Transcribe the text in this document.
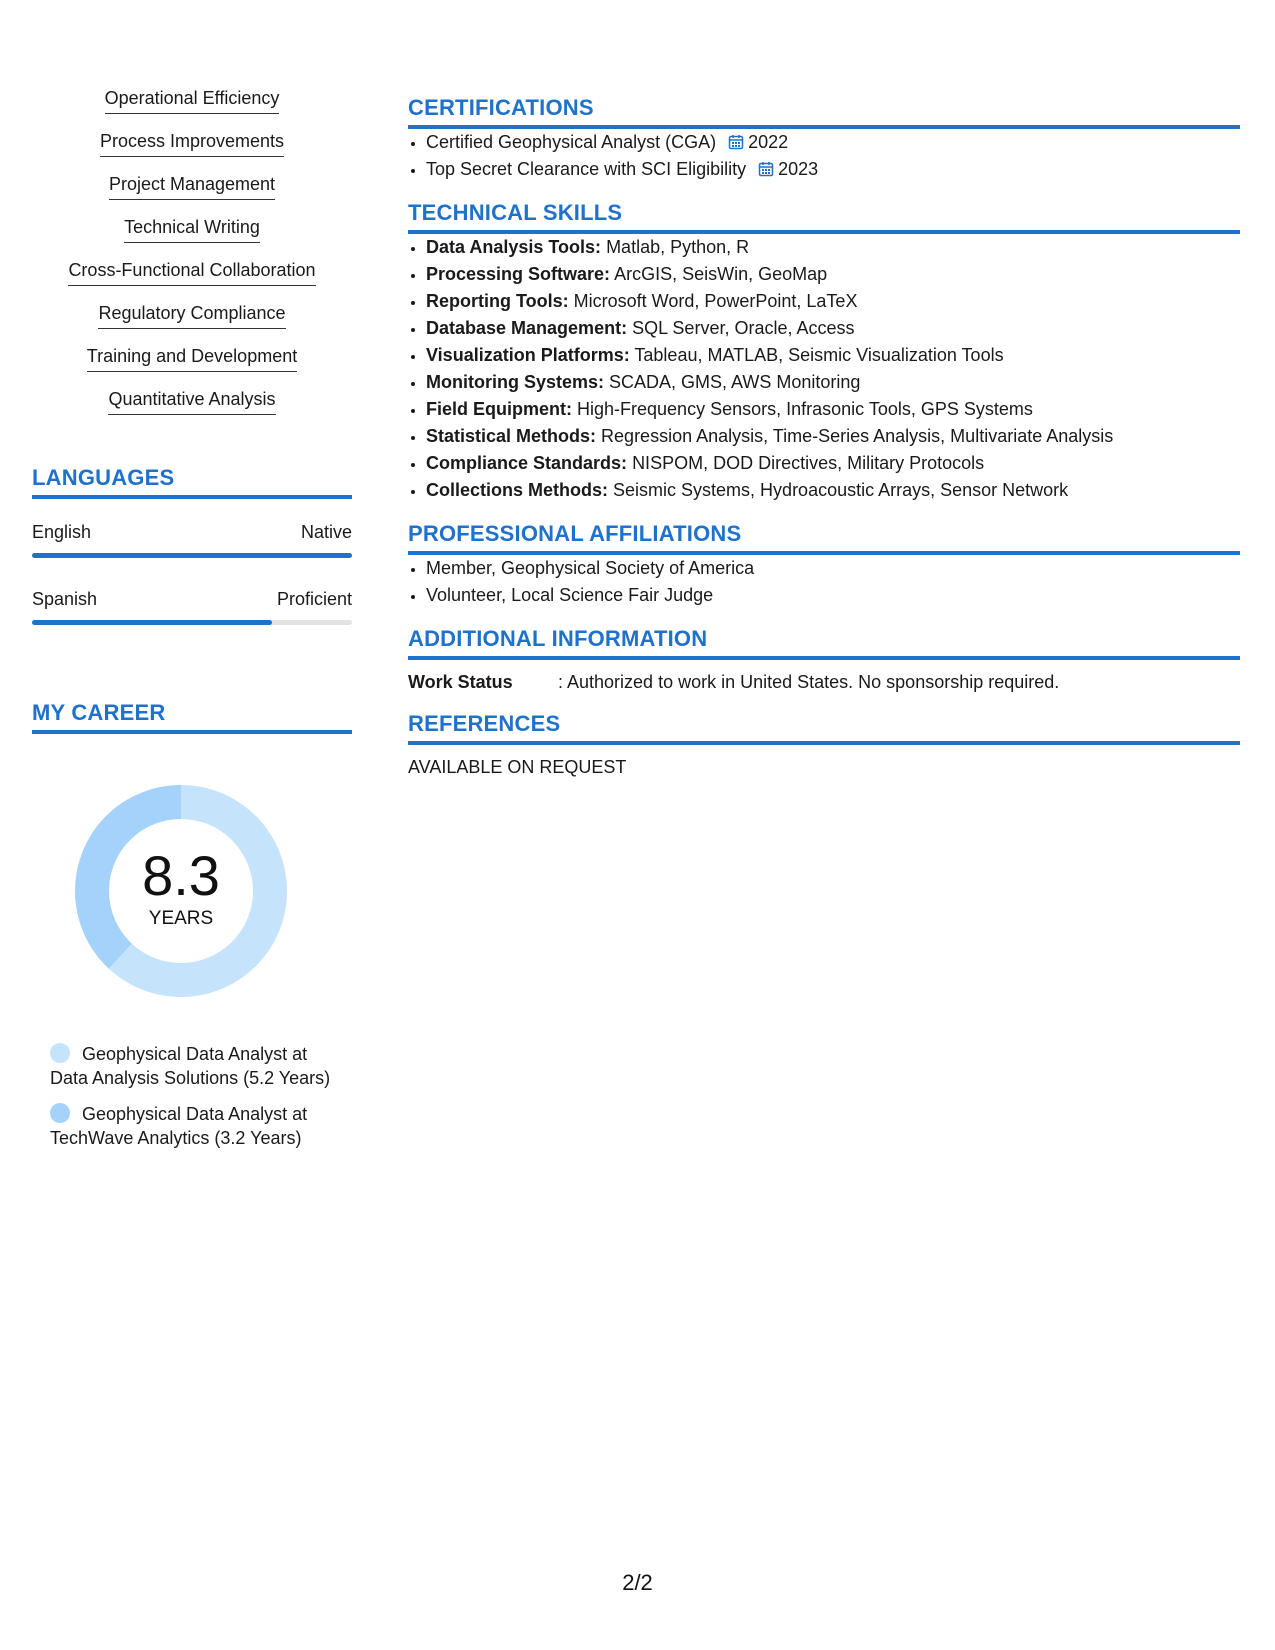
Operational Efficiency
Process Improvements
Project Management
Technical Writing
Cross-Functional Collaboration
Regulatory Compliance
Training and Development
Quantitative Analysis
LANGUAGES
English	Native
Spanish	Proficient
MY CAREER
8.3
YEARS
Geophysical Data Analyst at Data Analysis Solutions (5.2 Years)
Geophysical Data Analyst at TechWave Analytics (3.2 Years)
CERTIFICATIONS
• Certified Geophysical Analyst (CGA) 2022
• Top Secret Clearance with SCI Eligibility 2023
TECHNICAL SKILLS
• Data Analysis Tools: Matlab, Python, R
• Processing Software: ArcGIS, SeisWin, GeoMap
• Reporting Tools: Microsoft Word, PowerPoint, LaTeX
• Database Management: SQL Server, Oracle, Access
• Visualization Platforms: Tableau, MATLAB, Seismic Visualization Tools
• Monitoring Systems: SCADA, GMS, AWS Monitoring
• Field Equipment: High-Frequency Sensors, Infrasonic Tools, GPS Systems
• Statistical Methods: Regression Analysis, Time-Series Analysis, Multivariate Analysis
• Compliance Standards: NISPOM, DOD Directives, Military Protocols
• Collections Methods: Seismic Systems, Hydroacoustic Arrays, Sensor Network
PROFESSIONAL AFFILIATIONS
• Member, Geophysical Society of America
• Volunteer, Local Science Fair Judge
ADDITIONAL INFORMATION
Work Status	: Authorized to work in United States. No sponsorship required.
REFERENCES
AVAILABLE ON REQUEST
2/2
